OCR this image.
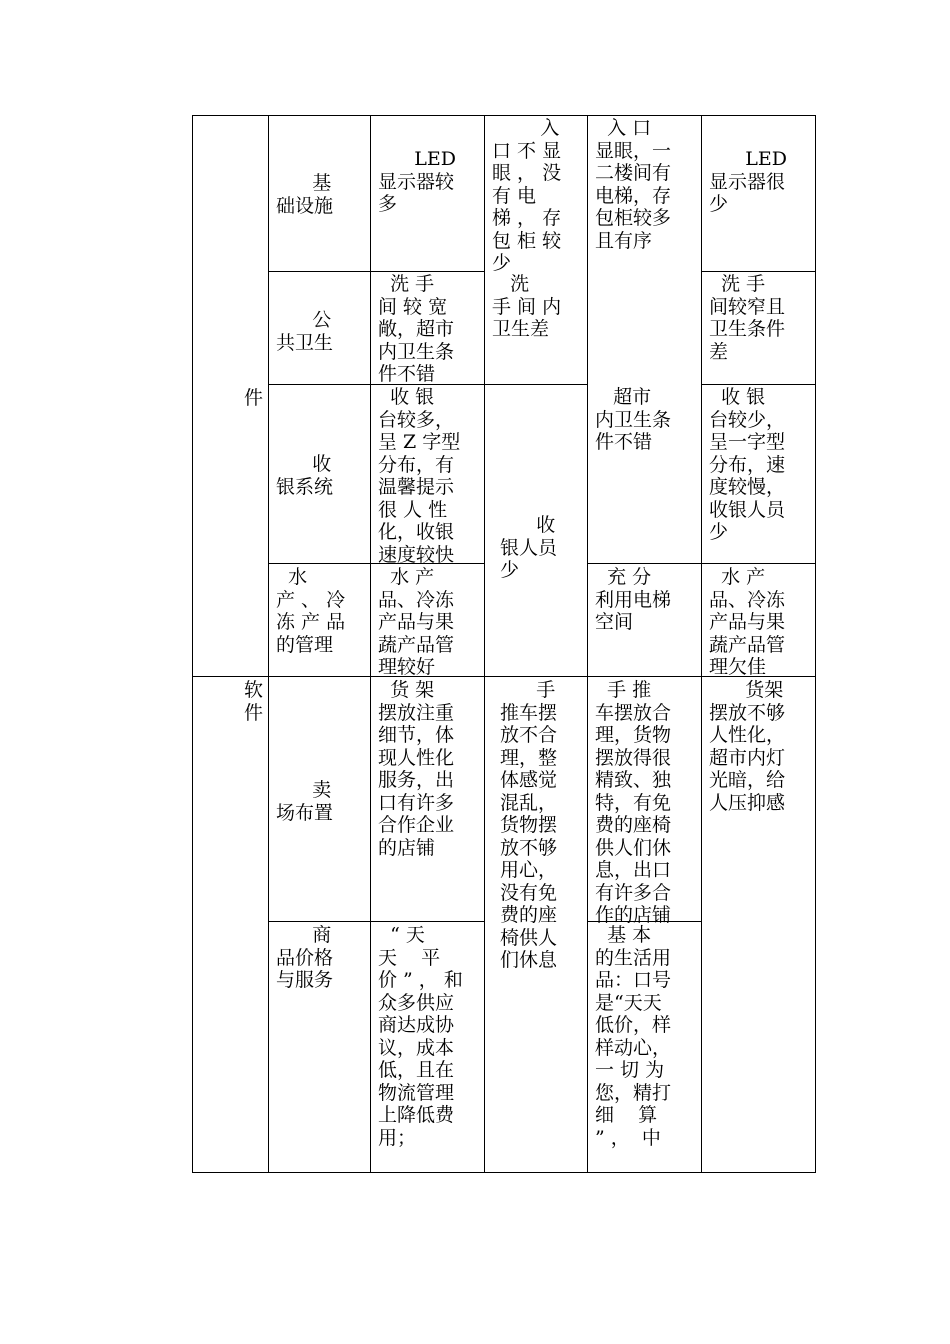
件
软
件
基
础设施
LED
显示器较
多
入
口 不 显
眼 ， 没
有 电
梯 ， 存
包 柜 较
少
入 口
显眼，一
二楼间有
电梯，存
包柜较多
且有序
LED
显示器很
少
公
共卫生
洗 手
间 较 宽
敞，超市
内卫生条
件不错
洗
手 间 内
卫生差
洗 手
间较窄且
卫生条件
差
收
银系统
收 银
台较多，
呈 Z 字型
分布，有
温馨提示
很 人 性
化，收银
速度较快
超市
内卫生条
件不错
收 银
台较少，
呈一字型
分布，速
度较慢，
收银人员
少
水
产 、 冷
冻 产 品
的管理
水 产
品、冷冻
产品与果
蔬产品管
理较好
收
银人员
少	充 分
利用电梯
空间
水 产
品、冷冻
产品与果
蔬产品管
理欠佳
卖
场布置
货 架
摆放注重
细节，体
现人性化
服务，出
口有许多
合作企业
的店铺
手
推车摆
放不合
理，整
体感觉
混乱，
货物摆
放不够
用心，
没有免
费的座
椅供人
们休息
手 推
车摆放合
理，货物
摆放得很
精致、独
特，有免
费的座椅
供人们休
息，出口
有许多合
作的店铺
货架
摆放不够
人性化，
超市内灯
光暗，给
人压抑感
商
品价格
与服务
“ 天
天    平
价 ” ， 和
众多供应
商达成协
议，成本
低，且在
物流管理
上降低费
用；
基 本
的生活用
品：口号
是“天天
低价，样
样动心，
一 切 为
您，精打
细    算
” ，  中
